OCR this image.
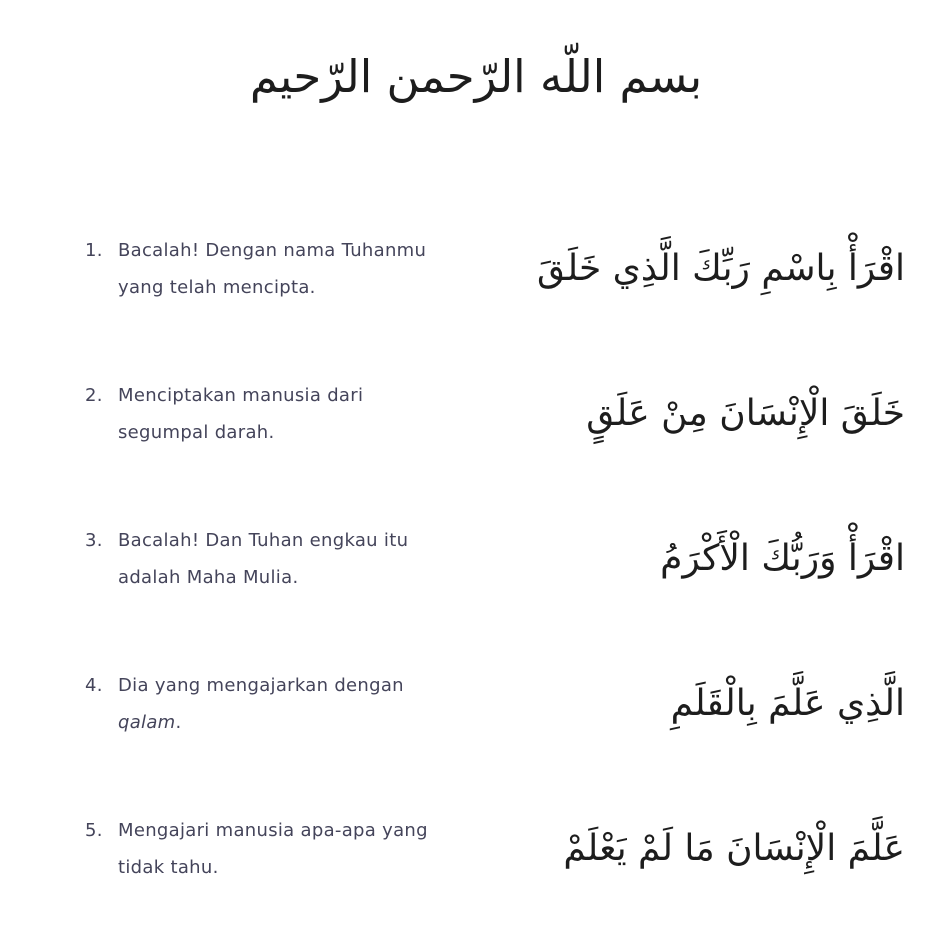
بسم اللّه الرّحمن الرّحيم
1. Bacalah! Dengan nama Tuhanmu yang telah mencipta.	اقْرَأْ بِاسْمِ رَبِّكَ الَّذِي خَلَقَ
2. Menciptakan manusia dari segumpal darah.	خَلَقَ الْإِنْسَانَ مِنْ عَلَقٍ
3. Bacalah! Dan Tuhan engkau itu adalah Maha Mulia.	اقْرَأْ وَرَبُّكَ الْأَكْرَمُ
4. Dia yang mengajarkan dengan qalam.	الَّذِي عَلَّمَ بِالْقَلَمِ
5. Mengajari manusia apa-apa yang tidak tahu.	عَلَّمَ الْإِنْسَانَ مَا لَمْ يَعْلَمْ
